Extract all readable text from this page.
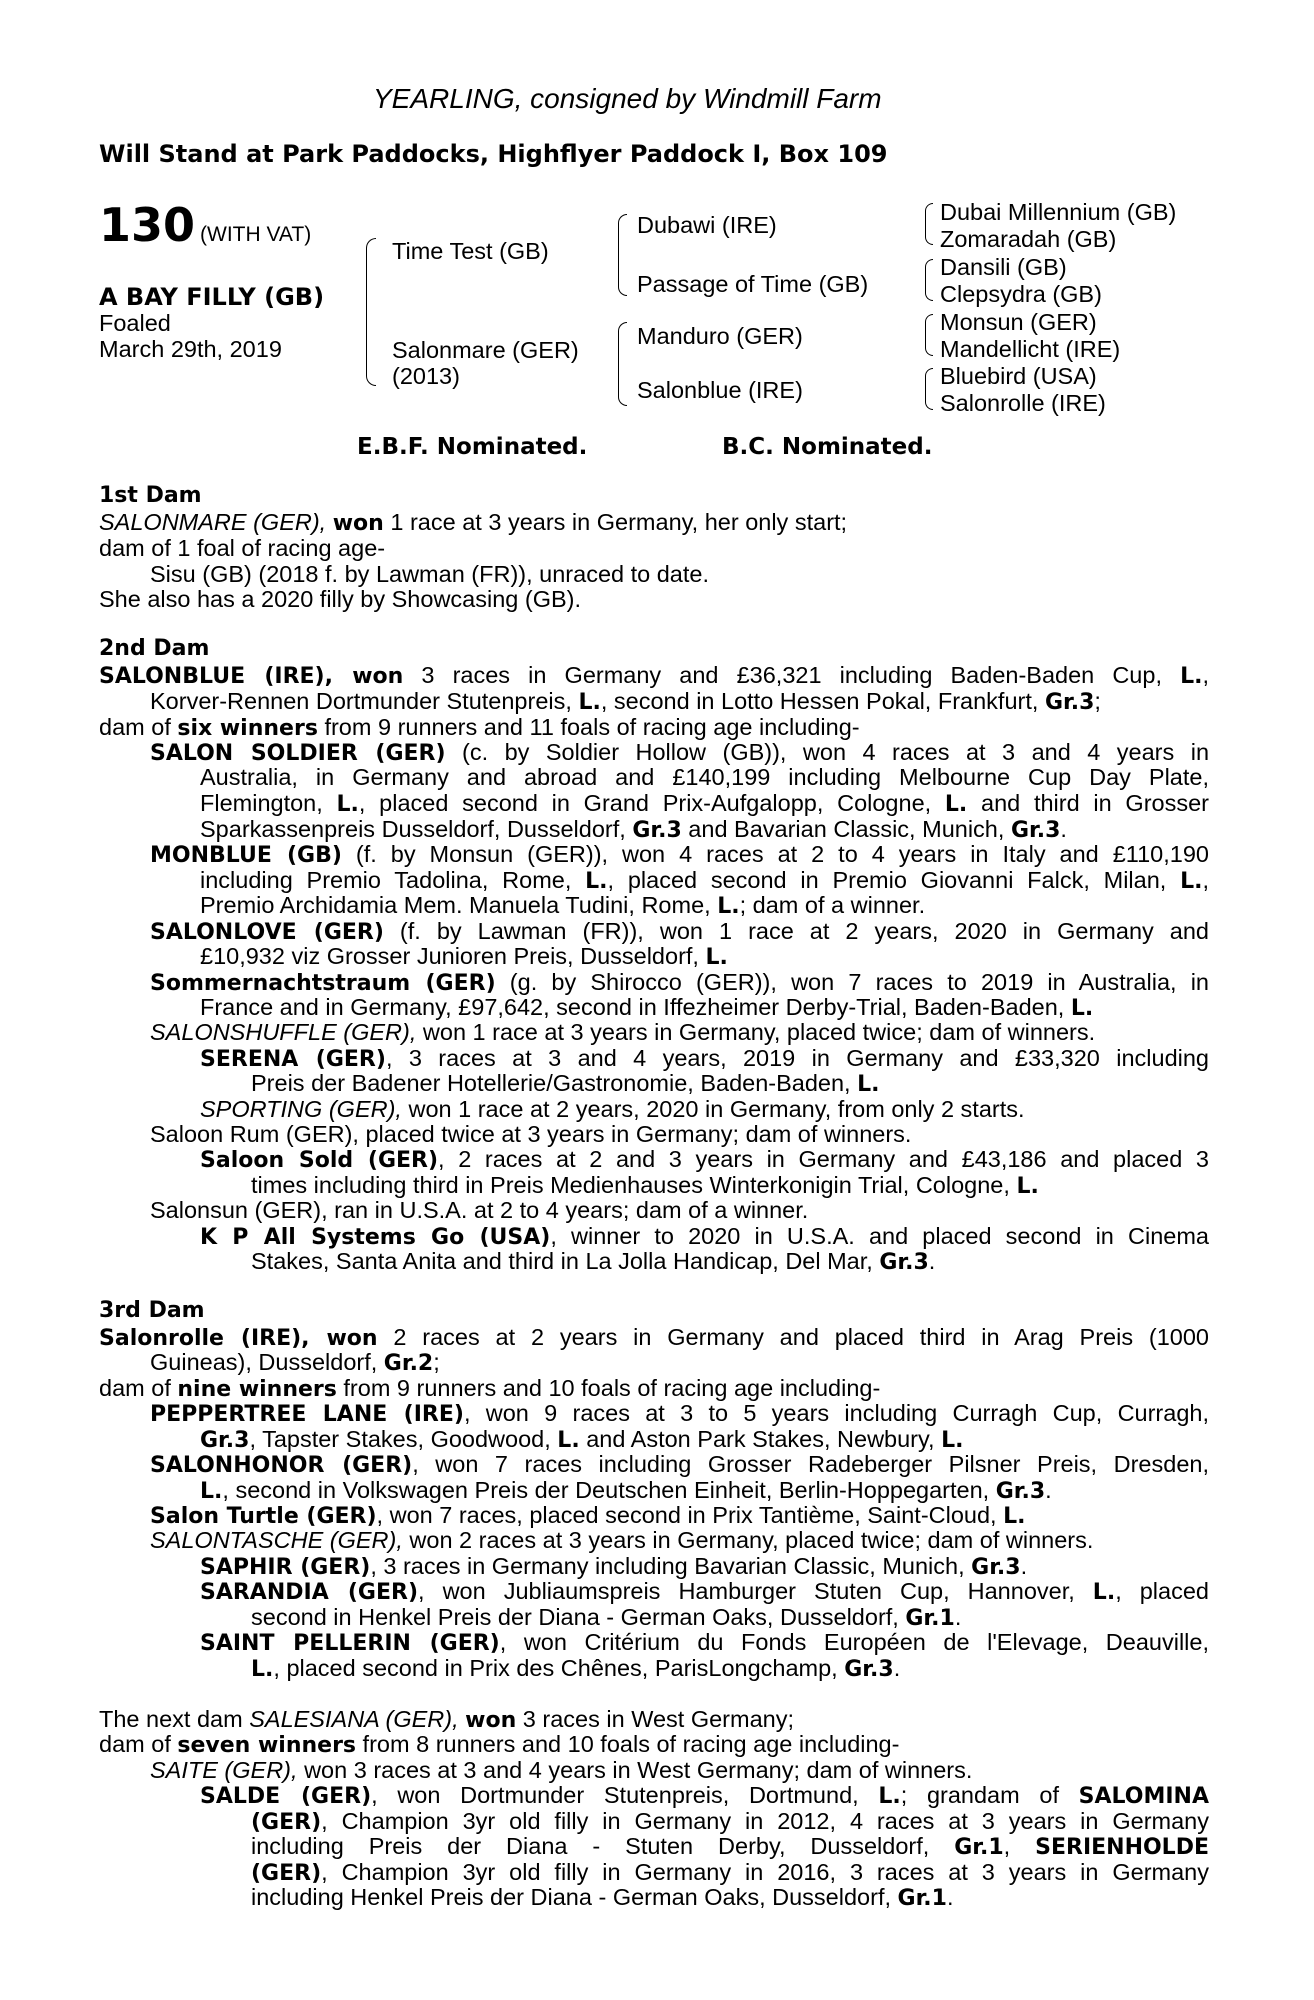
YEARLING, consigned by Windmill Farm
Will Stand at Park Paddocks, Highflyer Paddock I, Box 109
130 (WITH VAT)
A BAY FILLY (GB)
Foaled
March 29th, 2019
Time Test (GB)
Salonmare (GER)
(2013)
Dubawi (IRE)
Passage of Time (GB)
Manduro (GER)
Salonblue (IRE)
Dubai Millennium (GB)
Zomaradah (GB)
Dansili (GB)
Clepsydra (GB)
Monsun (GER)
Mandellicht (IRE)
Bluebird (USA)
Salonrolle (IRE)
E.B.F. Nominated.	B.C. Nominated.
1st Dam
SALONMARE (GER), won 1 race at 3 years in Germany, her only start;
dam of 1 foal of racing age-
Sisu (GB) (2018 f. by Lawman (FR)), unraced to date.
She also has a 2020 filly by Showcasing (GB).
2nd Dam
SALONBLUE (IRE), won 3 races in Germany and £36,321 including Baden-Baden Cup, L.,
Korver-Rennen Dortmunder Stutenpreis, L., second in Lotto Hessen Pokal, Frankfurt, Gr.3;
dam of six winners from 9 runners and 11 foals of racing age including-
SALON SOLDIER (GER) (c. by Soldier Hollow (GB)), won 4 races at 3 and 4 years in
Australia, in Germany and abroad and £140,199 including Melbourne Cup Day Plate,
Flemington, L., placed second in Grand Prix-Aufgalopp, Cologne, L. and third in Grosser
Sparkassenpreis Dusseldorf, Dusseldorf, Gr.3 and Bavarian Classic, Munich, Gr.3.
MONBLUE (GB) (f. by Monsun (GER)), won 4 races at 2 to 4 years in Italy and £110,190
including Premio Tadolina, Rome, L., placed second in Premio Giovanni Falck, Milan, L.,
Premio Archidamia Mem. Manuela Tudini, Rome, L.; dam of a winner.
SALONLOVE (GER) (f. by Lawman (FR)), won 1 race at 2 years, 2020 in Germany and
£10,932 viz Grosser Junioren Preis, Dusseldorf, L.
Sommernachtstraum (GER) (g. by Shirocco (GER)), won 7 races to 2019 in Australia, in
France and in Germany, £97,642, second in Iffezheimer Derby-Trial, Baden-Baden, L.
SALONSHUFFLE (GER), won 1 race at 3 years in Germany, placed twice; dam of winners.
SERENA (GER), 3 races at 3 and 4 years, 2019 in Germany and £33,320 including
Preis der Badener Hotellerie/Gastronomie, Baden-Baden, L.
SPORTING (GER), won 1 race at 2 years, 2020 in Germany, from only 2 starts.
Saloon Rum (GER), placed twice at 3 years in Germany; dam of winners.
Saloon Sold (GER), 2 races at 2 and 3 years in Germany and £43,186 and placed 3
times including third in Preis Medienhauses Winterkonigin Trial, Cologne, L.
Salonsun (GER), ran in U.S.A. at 2 to 4 years; dam of a winner.
K P All Systems Go (USA), winner to 2020 in U.S.A. and placed second in Cinema
Stakes, Santa Anita and third in La Jolla Handicap, Del Mar, Gr.3.
3rd Dam
Salonrolle (IRE), won 2 races at 2 years in Germany and placed third in Arag Preis (1000
Guineas), Dusseldorf, Gr.2;
dam of nine winners from 9 runners and 10 foals of racing age including-
PEPPERTREE LANE (IRE), won 9 races at 3 to 5 years including Curragh Cup, Curragh,
Gr.3, Tapster Stakes, Goodwood, L. and Aston Park Stakes, Newbury, L.
SALONHONOR (GER), won 7 races including Grosser Radeberger Pilsner Preis, Dresden,
L., second in Volkswagen Preis der Deutschen Einheit, Berlin-Hoppegarten, Gr.3.
Salon Turtle (GER), won 7 races, placed second in Prix Tantième, Saint-Cloud, L.
SALONTASCHE (GER), won 2 races at 3 years in Germany, placed twice; dam of winners.
SAPHIR (GER), 3 races in Germany including Bavarian Classic, Munich, Gr.3.
SARANDIA (GER), won Jubliaumspreis Hamburger Stuten Cup, Hannover, L., placed
second in Henkel Preis der Diana - German Oaks, Dusseldorf, Gr.1.
SAINT PELLERIN (GER), won Critérium du Fonds Européen de l'Elevage, Deauville,
L., placed second in Prix des Chênes, ParisLongchamp, Gr.3.
The next dam SALESIANA (GER), won 3 races in West Germany;
dam of seven winners from 8 runners and 10 foals of racing age including-
SAITE (GER), won 3 races at 3 and 4 years in West Germany; dam of winners.
SALDE (GER), won Dortmunder Stutenpreis, Dortmund, L.; grandam of SALOMINA
(GER), Champion 3yr old filly in Germany in 2012, 4 races at 3 years in Germany
including Preis der Diana - Stuten Derby, Dusseldorf, Gr.1, SERIENHOLDE
(GER), Champion 3yr old filly in Germany in 2016, 3 races at 3 years in Germany
including Henkel Preis der Diana - German Oaks, Dusseldorf, Gr.1.
